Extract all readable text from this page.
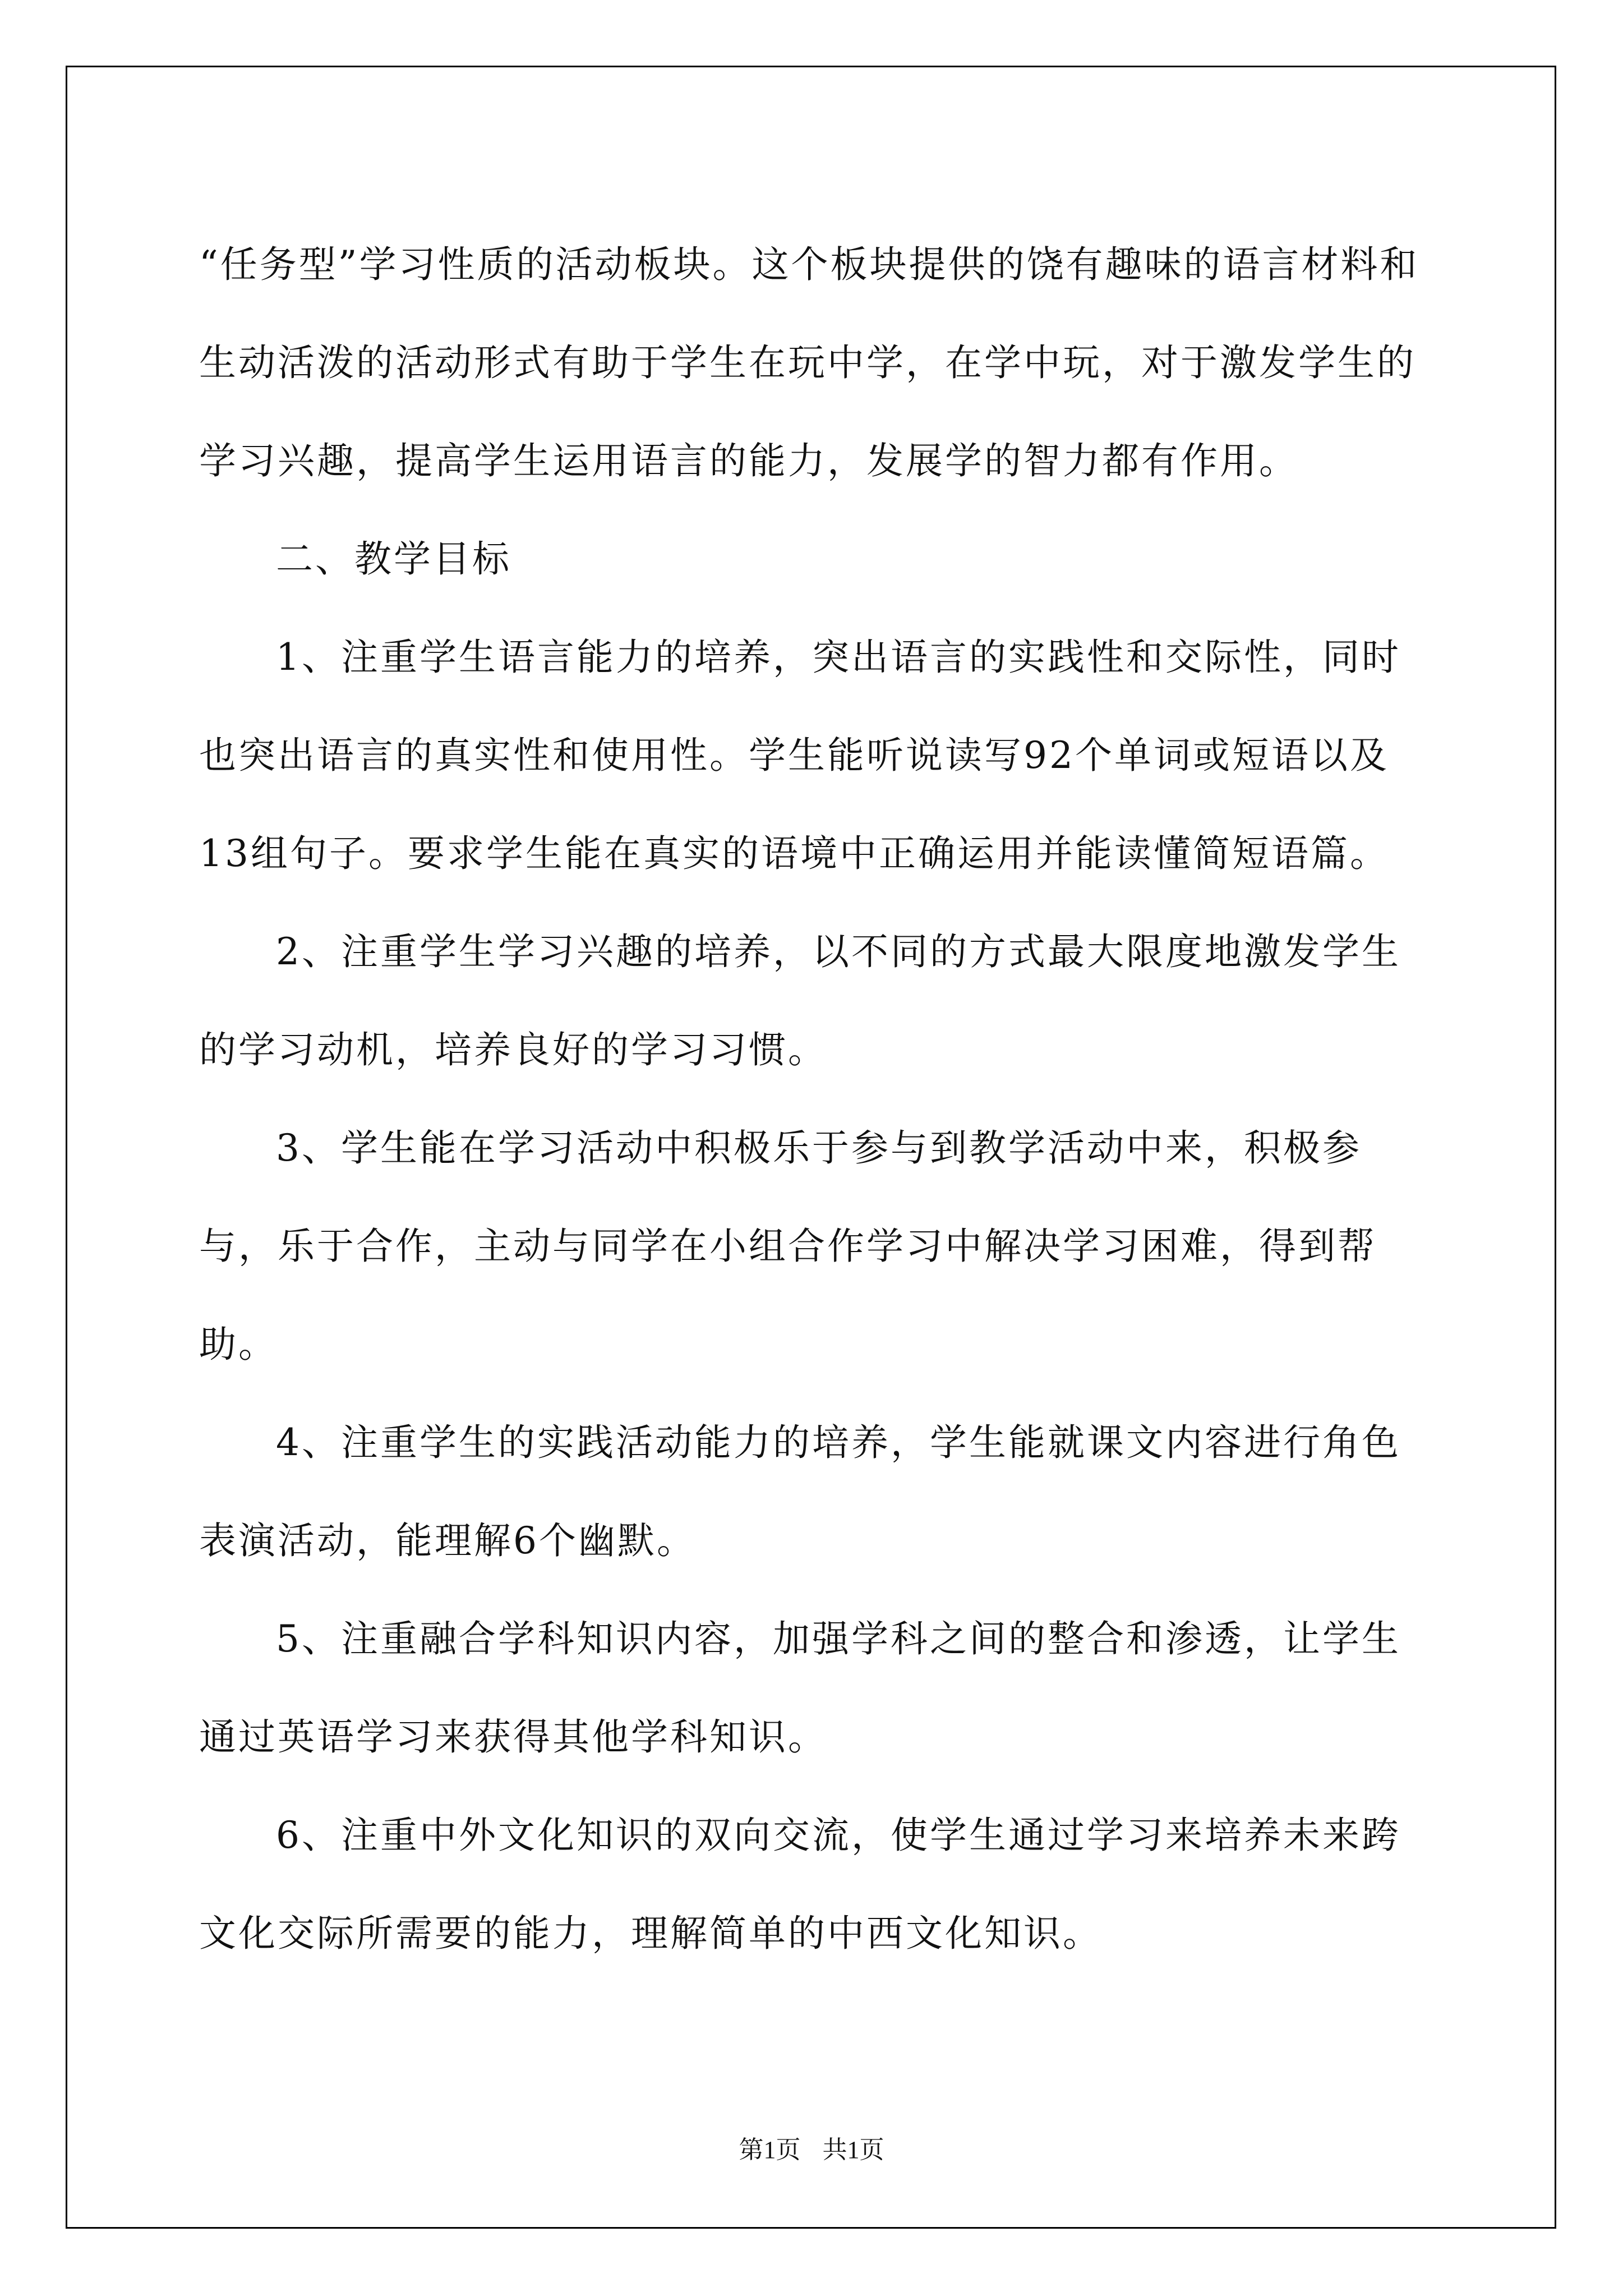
“任务型”学习性质的活动板块。这个板块提供的饶有趣味的语言材料和生动活泼的活动形式有助于学生在玩中学，在学中玩，对于激发学生的学习兴趣，提高学生运用语言的能力，发展学的智力都有作用。

二、教学目标

1、注重学生语言能力的培养，突出语言的实践性和交际性，同时也突出语言的真实性和使用性。学生能听说读写92个单词或短语以及13组句子。要求学生能在真实的语境中正确运用并能读懂简短语篇。

2、注重学生学习兴趣的培养，以不同的方式最大限度地激发学生的学习动机，培养良好的学习习惯。

3、学生能在学习活动中积极乐于参与到教学活动中来，积极参与，乐于合作，主动与同学在小组合作学习中解决学习困难，得到帮助。

4、注重学生的实践活动能力的培养，学生能就课文内容进行角色表演活动，能理解6个幽默。

5、注重融合学科知识内容，加强学科之间的整合和渗透，让学生通过英语学习来获得其他学科知识。

6、注重中外文化知识的双向交流，使学生通过学习来培养未来跨文化交际所需要的能力，理解简单的中西文化知识。

第1页 共1页
